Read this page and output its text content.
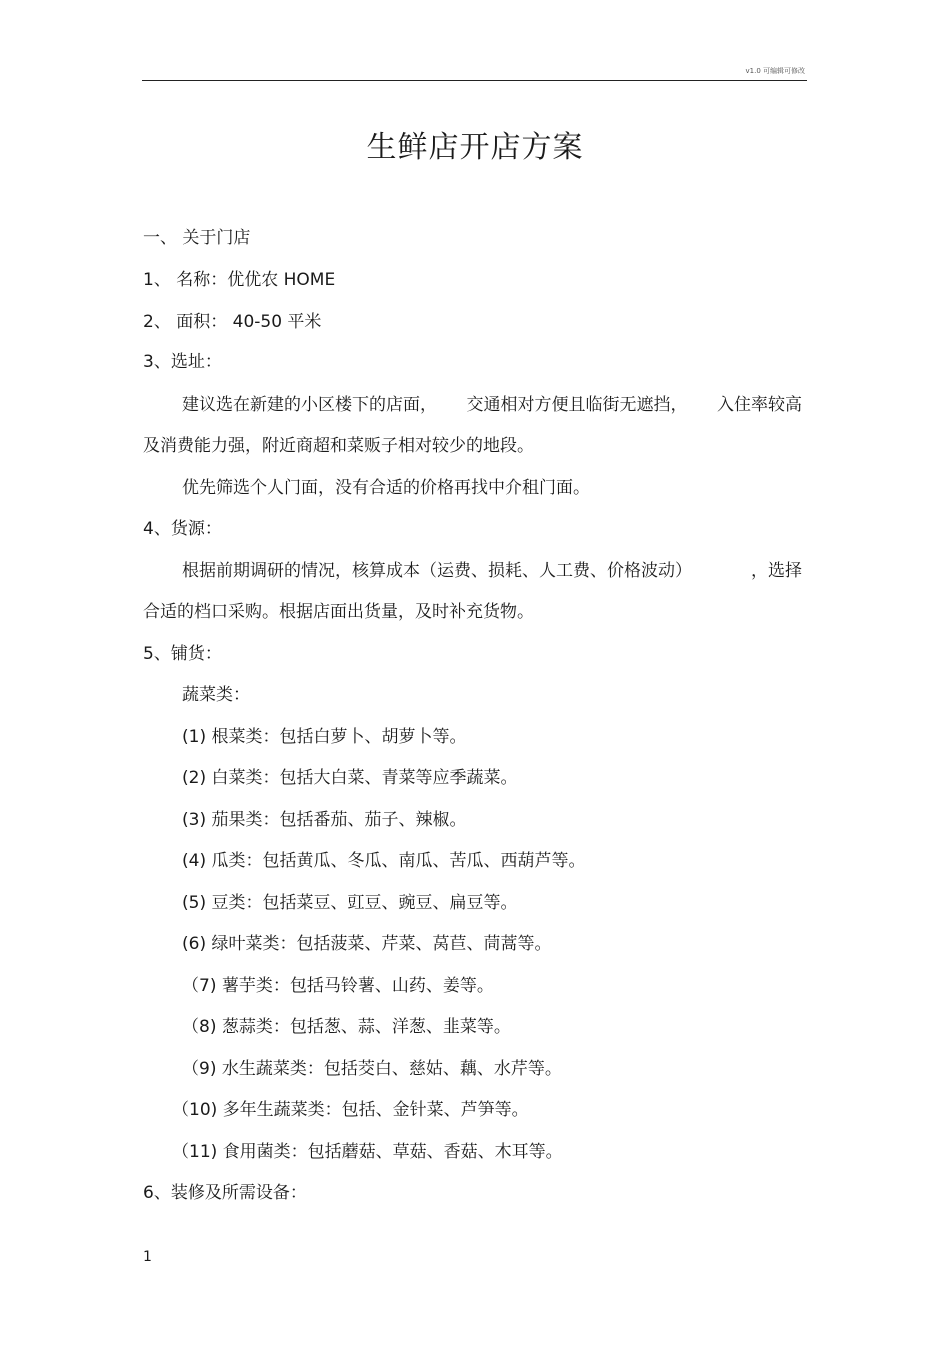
v1.0 可编辑可修改
生鲜店开店方案
一、 关于门店
1、 名称：优优农 HOME
2、 面积： 40-50 平米
3、选址：
建议选在新建的小区楼下的店面， 交通相对方便且临街无遮挡， 入住率较高
及消费能力强，附近商超和菜贩子相对较少的地段。
优先筛选个人门面，没有合适的价格再找中介租门面。
4、货源：
根据前期调研的情况，核算成本（运费、损耗、人工费、价格波动）	，选择
合适的档口采购。根据店面出货量，及时补充货物。
5、铺货：
蔬菜类：
(1) 根菜类：包括白萝卜、胡萝卜等。
(2) 白菜类：包括大白菜、青菜等应季蔬菜。
(3) 茄果类：包括番茄、茄子、辣椒。
(4) 瓜类：包括黄瓜、冬瓜、南瓜、苦瓜、西葫芦等。
(5) 豆类：包括菜豆、豇豆、豌豆、扁豆等。
(6) 绿叶菜类：包括菠菜、芹菜、莴苣、茼蒿等。
（7) 薯芋类：包括马铃薯、山药、姜等。
（8) 葱蒜类：包括葱、蒜、洋葱、韭菜等。
（9) 水生蔬菜类：包括茭白、慈姑、藕、水芹等。
（10) 多年生蔬菜类：包括、金针菜、芦笋等。
（11) 食用菌类：包括蘑菇、草菇、香菇、木耳等。
6、装修及所需设备：
1
